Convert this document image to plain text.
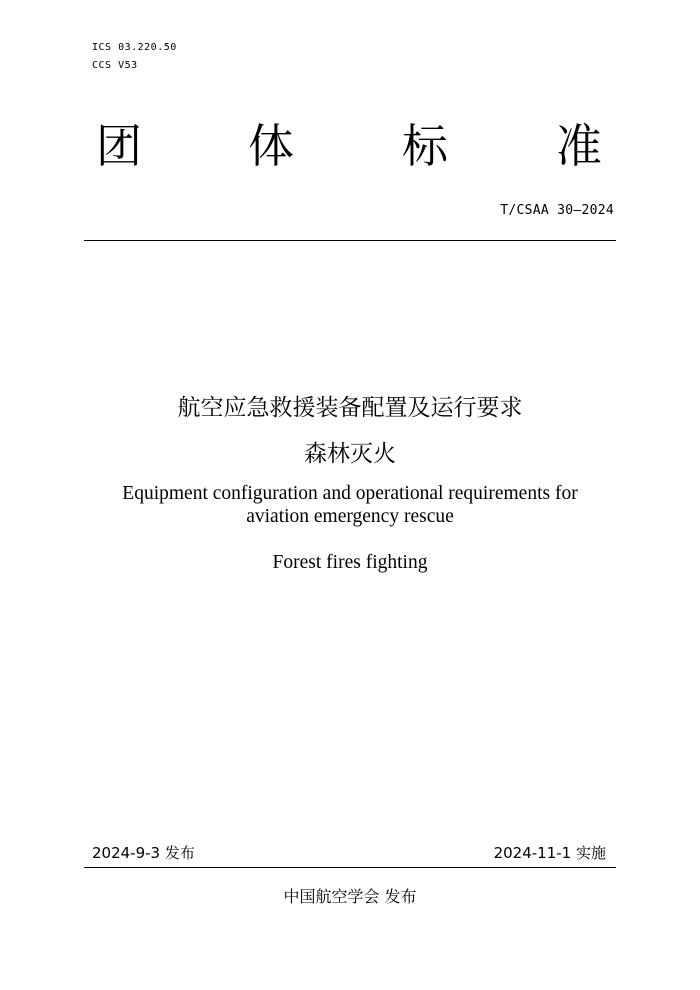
ICS 03.220.50
CCS V53
团 体 标 准
T/CSAA 30—2024
航空应急救援装备配置及运行要求
森林灭火
Equipment configuration and operational requirements for
aviation emergency rescue
Forest fires fighting
2024-9-3 发布	2024-11-1 实施
中国航空学会 发布
